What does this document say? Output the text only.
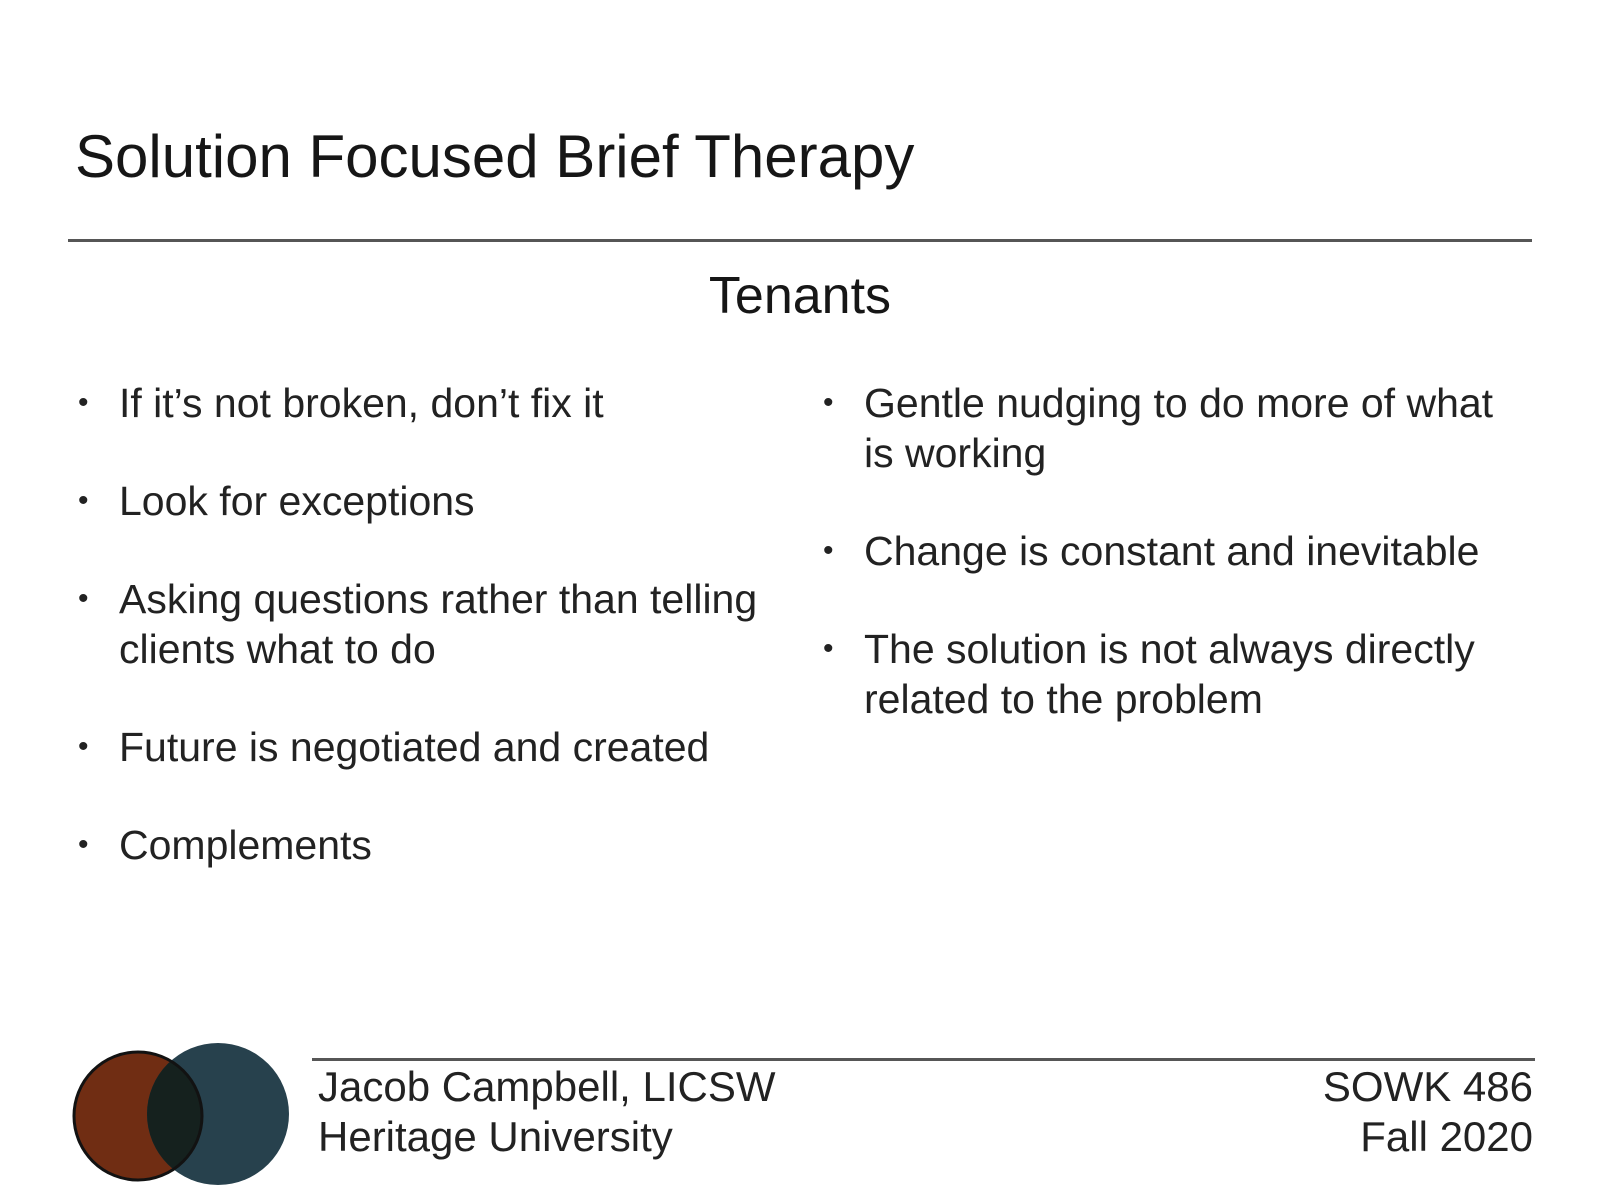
Solution Focused Brief Therapy
Tenants
• If it’s not broken, don’t fix it
• Look for exceptions
• Asking questions rather than telling clients what to do
• Future is negotiated and created
• Complements
• Gentle nudging to do more of what is working
• Change is constant and inevitable
• The solution is not always directly related to the problem
Jacob Campbell, LICSW
Heritage University
SOWK 486
Fall 2020
